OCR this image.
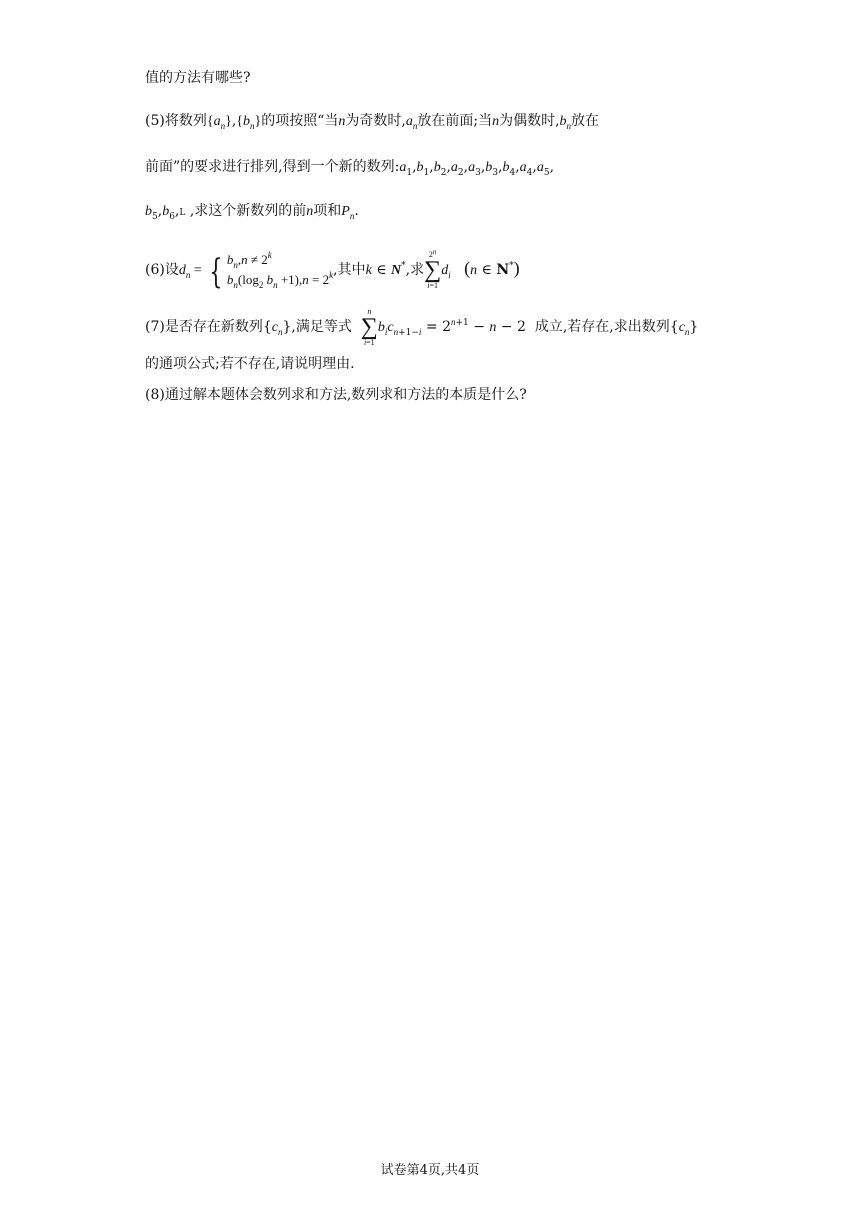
值的方法有哪些?
(5)将数列$\{a_n\},\{b_n\}$的项按照“当n为奇数时$,a_n$放在前面;当n为偶数时$,b_n$放在
前面”的要求进行排列,得到一个新的数列$:a_1,b_1,b_2,a_2,a_3,b_3,b_4,a_4,a_5$,
$b_5,b_6,L$ ,求这个新数列的前n项和$P_n$.
(6)设$d_n$ = { $b_n,n \ne 2^k$
$b_n(\log_2$ $b_n +1),n = 2^k$,其中k ∈ N*,求
2$^n$
∑
i=1
$d_i$ (n ∈ N*)
(7)是否存在新数列$\{c_n\}$,满足等式
n
∑
i=1
$b_ic_{n+1-i} = 2^{n+1} - n - 2$  成立,若存在,求出数列$\{c_n\}$
的通项公式;若不存在,请说明理由.
(8)通过解本题体会数列求和方法,数列求和方法的本质是什么?
试卷第4页,共4页
